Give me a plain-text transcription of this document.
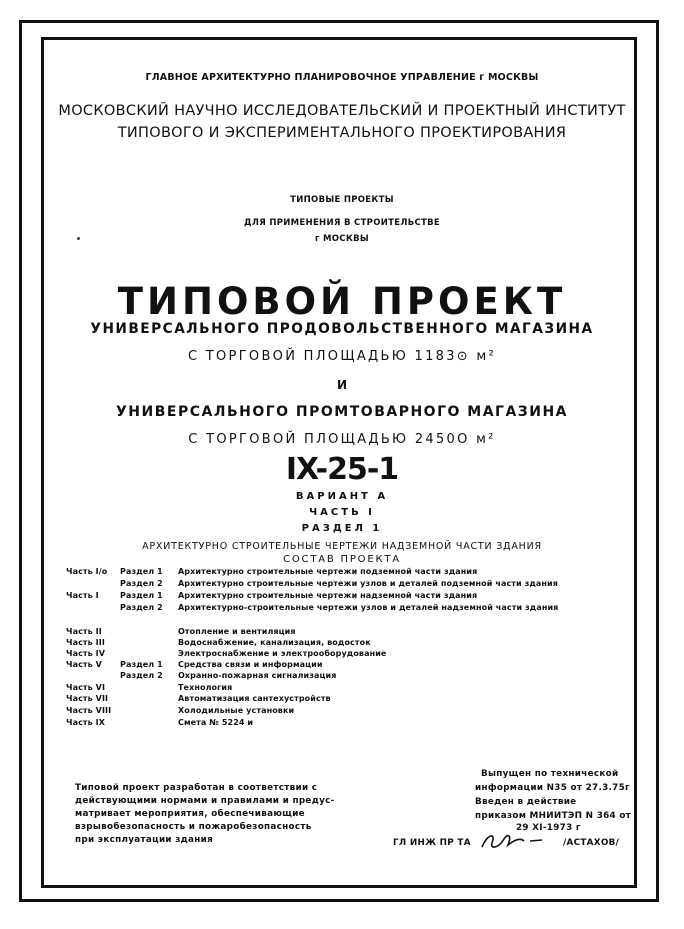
ГЛАВНОЕ АРХИТЕКТУРНО ПЛАНИРОВОЧНОЕ УПРАВЛЕНИЕ г МОСКВЫ
МОСКОВСКИЙ НАУЧНО ИССЛЕДОВАТЕЛЬСКИЙ И ПРОЕКТНЫЙ ИНСТИТУТ
ТИПОВОГО И ЭКСПЕРИМЕНТАЛЬНОГО ПРОЕКТИРОВАНИЯ
ТИПОВЫЕ ПРОЕКТЫ
ДЛЯ ПРИМЕНЕНИЯ В СТРОИТЕЛЬСТВЕ
г МОСКВЫ
ТИПОВОЙ ПРОЕКТ
УНИВЕРСАЛЬНОГО ПРОДОВОЛЬСТВЕННОГО МАГАЗИНА
С ТОРГОВОЙ ПЛОЩАДЬЮ 1183⊙ м²
И
УНИВЕРСАЛЬНОГО ПРОМТОВАРНОГО МАГАЗИНА
С ТОРГОВОЙ ПЛОЩАДЬЮ 2450О м²
IX-25-1
ВАРИАНТ А
ЧАСТЬ I
РАЗДЕЛ 1
АРХИТЕКТУРНО СТРОИТЕЛЬНЫЕ ЧЕРТЕЖИ НАДЗЕМНОЙ ЧАСТИ ЗДАНИЯ
СОСТАВ ПРОЕКТА
Часть I/о Раздел 1 Архитектурно строительные чертежи подземной части здания
Раздел 2 Архитектурно строительные чертежи узлов и деталей подземной части здания
Часть I	Раздел 1 Архитектурно строительные чертежи надземной части здания
Раздел 2 Архитектурно-строительные чертежи узлов и деталей надземной части здания
Часть II	Отопление и вентиляция
Часть III	Водоснабжение, канализация, водосток
Часть IV	Электроснабжение и электрооборудование
Часть V Раздел 1 Средства связи и информации
Раздел 2 Охранно-пожарная сигнализация
Часть VI	Технология
Часть VII	Автоматизация сантехустройств
Часть VIII	Холодильные установки
Часть IX	Смета № 5224 и
Типовой проект разработан в соответствии с
действующими нормами и правилами и предус-
матривает мероприятия, обеспечивающие
взрывобезопасность и пожаробезопасность
при эксплуатации здания
Выпущен по технической
информации N35 от 27.3.75г
Введен в действие
приказом МНИИТЭП N 364 от
29 XI-1973 г
ГЛ ИНЖ ПР ТА	/АСТАХОВ/
